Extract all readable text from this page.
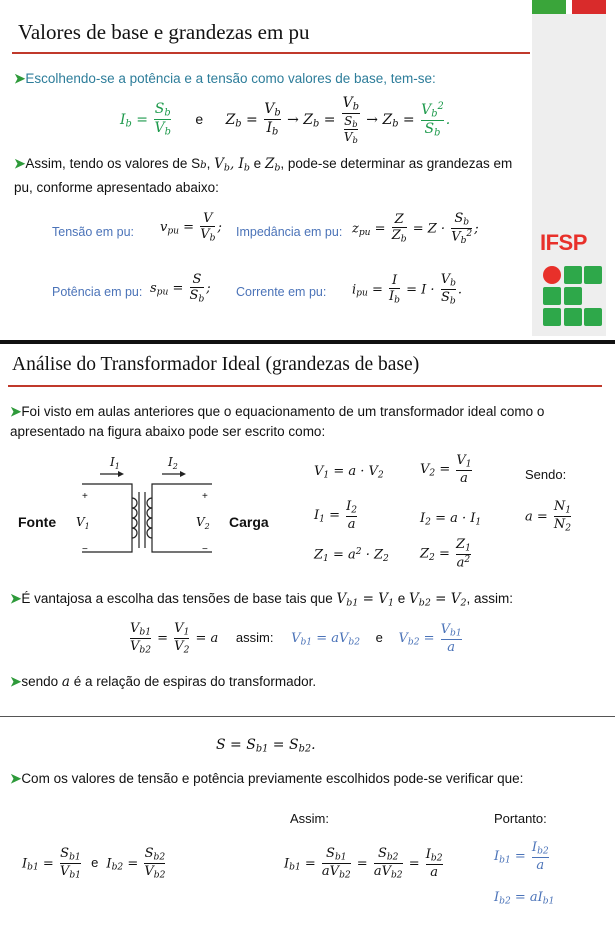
Valores de base e grandezas em pu
➤Escolhendo-se a potência e a tensão como valores de base, tem-se:
$I_b = \frac{S_b}{V_b}$ e $Z_b = \frac{V_b}{I_b} \to Z_b = \frac{V_b}{\frac{S_b}{V_b}} \to Z_b = \frac{V_b^2}{S_b}$ .
➤Assim, tendo os valores de Sb, $V_b$, $I_b$ e $Z_b$, pode-se determinar as grandezas em
pu, conforme apresentado abaixo:
Tensão em pu: $v_{pu} = \frac{V}{V_b}$ ; Impedância em pu: $z_{pu} = \frac{Z}{Z_b} = Z \cdot \frac{S_b}{V_b^2}$ ;
Potência em pu: $s_{pu} = \frac{S}{S_b}$ ; Corrente em pu: $i_{pu} = \frac{I}{I_b} = I \cdot \frac{V_b}{S_b}$ .
IFSP
Análise do Transformador Ideal (grandezas de base)
➤Foi visto em aulas anteriores que o equacionamento de um transformador ideal como o apresentado na figura abaixo pode ser escrito como:
Fonte	Carga
$I_1$	$I_2$
+
−
+
−
$V_1$	$V_2$
$V_1 = a \cdot V_2$	$V_2 = \frac{V_1}{a}$	Sendo:
$I_1 = \frac{I_2}{a}$	$I_2 = a \cdot I_1$	$a = \frac{N_1}{N_2}$
$Z_1 = a^2 \cdot Z_2$ $Z_2 = \frac{Z_1}{a^2}$
➤É vantajosa a escolha das tensões de base tais que $V_{b1} = V_1$ e $V_{b2} = V_2$, assim:
$\frac{V_{b1}}{V_{b2}} = \frac{V_1}{V_2} = a$ assim: $V_{b1} = aV_{b2}$ e $V_{b2} = \frac{V_{b1}}{a}$
➤sendo a é a relação de espiras do transformador.
$S = S_{b1} = S_{b2}$.
➤Com os valores de tensão e potência previamente escolhidos pode-se verificar que:
Assim:	Portanto:
$I_{b1} = \frac{S_{b1}}{V_{b1}}$ e $I_{b2} = \frac{S_{b2}}{V_{b2}}$	$I_{b1} = \frac{S_{b1}}{aV_{b2}} = \frac{S_{b2}}{aV_{b2}} = \frac{I_{b2}}{a}$	$I_{b1} = \frac{I_{b2}}{a}$
$I_{b2} = aI_{b1}$
